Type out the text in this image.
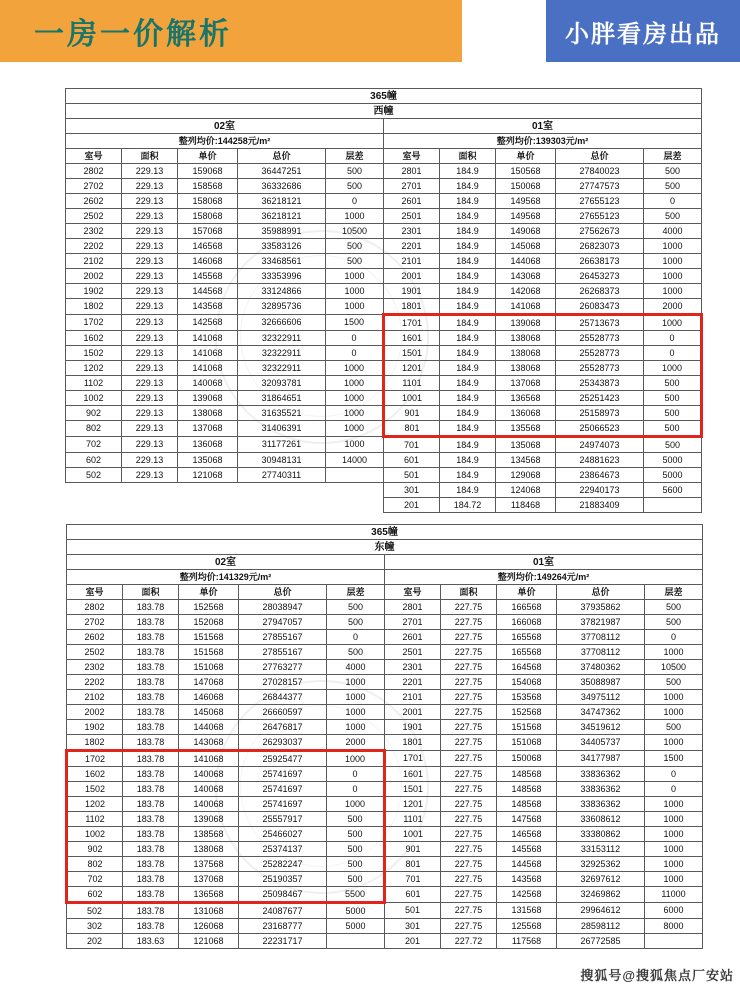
一房一价解析	小胖看房出品
365幢									
西幢									
02室					01室				
整列均价:144258元/m²					整列均价:139303元/m²				
室号	面积	单价	总价	层差	室号	面积	单价	总价	层差
2802	229.13	159068	36447251	500	2801	184.9	150568	27840023	500
2702	229.13	158568	36332686	500	2701	184.9	150068	27747573	500
2602	229.13	158068	36218121	0	2601	184.9	149568	27655123	0
2502	229.13	158068	36218121	1000	2501	184.9	149568	27655123	500
2302	229.13	157068	35988991	10500	2301	184.9	149068	27562673	4000
2202	229.13	146568	33583126	500	2201	184.9	145068	26823073	1000
2102	229.13	146068	33468561	500	2101	184.9	144068	26638173	1000
2002	229.13	145568	33353996	1000	2001	184.9	143068	26453273	1000
1902	229.13	144568	33124866	1000	1901	184.9	142068	26268373	1000
1802	229.13	143568	32895736	1000	1801	184.9	141068	26083473	2000
1702	229.13	142568	32666606	1500	1701	184.9	139068	25713673	1000
1602	229.13	141068	32322911	0	1601	184.9	138068	25528773	0
1502	229.13	141068	32322911	0	1501	184.9	138068	25528773	0
1202	229.13	141068	32322911	1000	1201	184.9	138068	25528773	1000
1102	229.13	140068	32093781	1000	1101	184.9	137068	25343873	500
1002	229.13	139068	31864651	1000	1001	184.9	136568	25251423	500
902	229.13	138068	31635521	1000	901	184.9	136068	25158973	500
802	229.13	137068	31406391	1000	801	184.9	135568	25066523	500
702	229.13	136068	31177261	1000	701	184.9	135068	24974073	500
602	229.13	135068	30948131	14000	601	184.9	134568	24881623	5000
502	229.13	121068	27740311		501	184.9	129068	23864673	5000
					301	184.9	124068	22940173	5600
					201	184.72	118468	21883409	
365幢									
东幢									
02室					01室				
整列均价:141329元/m²					整列均价:149264元/m²				
室号	面积	单价	总价	层差	室号	面积	单价	总价	层差
2802	183.78	152568	28038947	500	2801	227.75	166568	37935862	500
2702	183.78	152068	27947057	500	2701	227.75	166068	37821987	500
2602	183.78	151568	27855167	0	2601	227.75	165568	37708112	0
2502	183.78	151568	27855167	500	2501	227.75	165568	37708112	1000
2302	183.78	151068	27763277	4000	2301	227.75	164568	37480362	10500
2202	183.78	147068	27028157	1000	2201	227.75	154068	35088987	500
2102	183.78	146068	26844377	1000	2101	227.75	153568	34975112	1000
2002	183.78	145068	26660597	1000	2001	227.75	152568	34747362	1000
1902	183.78	144068	26476817	1000	1901	227.75	151568	34519612	500
1802	183.78	143068	26293037	2000	1801	227.75	151068	34405737	1000
1702	183.78	141068	25925477	1000	1701	227.75	150068	34177987	1500
1602	183.78	140068	25741697	0	1601	227.75	148568	33836362	0
1502	183.78	140068	25741697	0	1501	227.75	148568	33836362	0
1202	183.78	140068	25741697	1000	1201	227.75	148568	33836362	1000
1102	183.78	139068	25557917	500	1101	227.75	147568	33608612	1000
1002	183.78	138568	25466027	500	1001	227.75	146568	33380862	1000
902	183.78	138068	25374137	500	901	227.75	145568	33153112	1000
802	183.78	137568	25282247	500	801	227.75	144568	32925362	1000
702	183.78	137068	25190357	500	701	227.75	143568	32697612	1000
602	183.78	136568	25098467	5500	601	227.75	142568	32469862	11000
502	183.78	131068	24087677	5000	501	227.75	131568	29964612	6000
302	183.78	126068	23168777	5000	301	227.75	125568	28598112	8000
202	183.63	121068	22231717		201	227.72	117568	26772585	
搜狐号@搜狐焦点厂安站
